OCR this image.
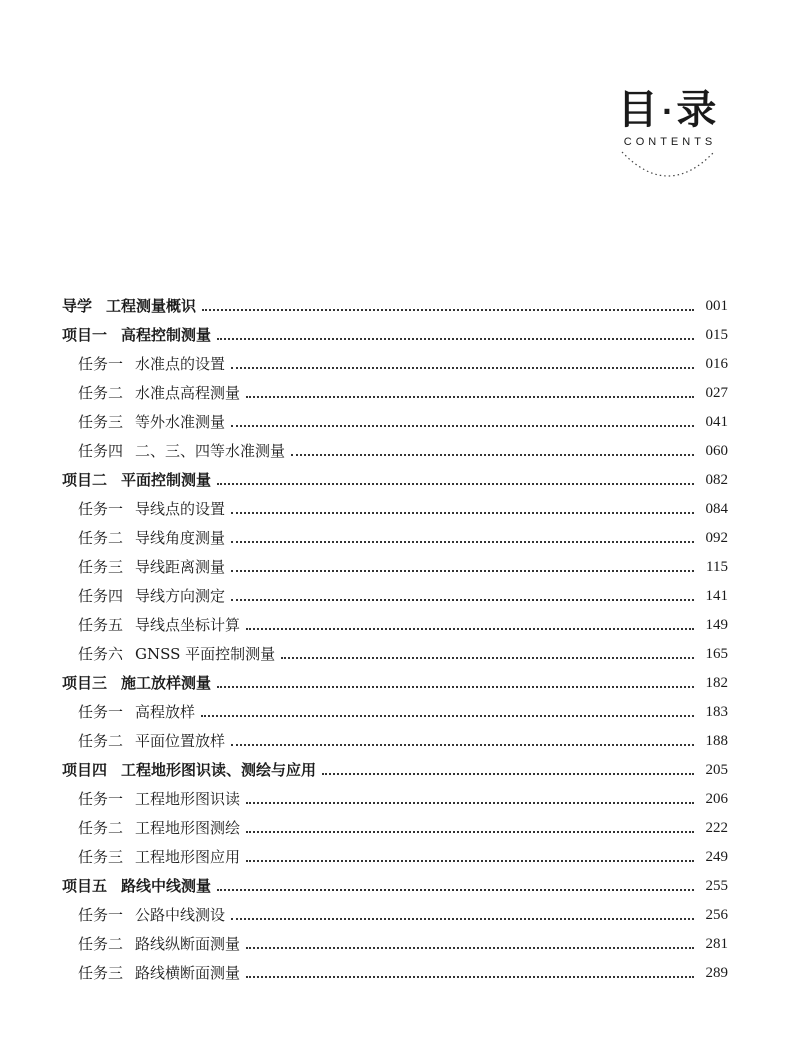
目·录
CONTENTS
导学 工程测量概识	001
项目一 高程控制测量	015
任务一 水准点的设置	016
任务二 水准点高程测量	027
任务三 等外水准测量	041
任务四 二、三、四等水准测量	060
项目二 平面控制测量	082
任务一 导线点的设置	084
任务二 导线角度测量	092
任务三 导线距离测量	115
任务四 导线方向测定	141
任务五 导线点坐标计算	149
任务六 GNSS 平面控制测量	165
项目三 施工放样测量	182
任务一 高程放样	183
任务二 平面位置放样	188
项目四 工程地形图识读、测绘与应用	205
任务一 工程地形图识读	206
任务二 工程地形图测绘	222
任务三 工程地形图应用	249
项目五 路线中线测量	255
任务一 公路中线测设	256
任务二 路线纵断面测量	281
任务三 路线横断面测量	289
